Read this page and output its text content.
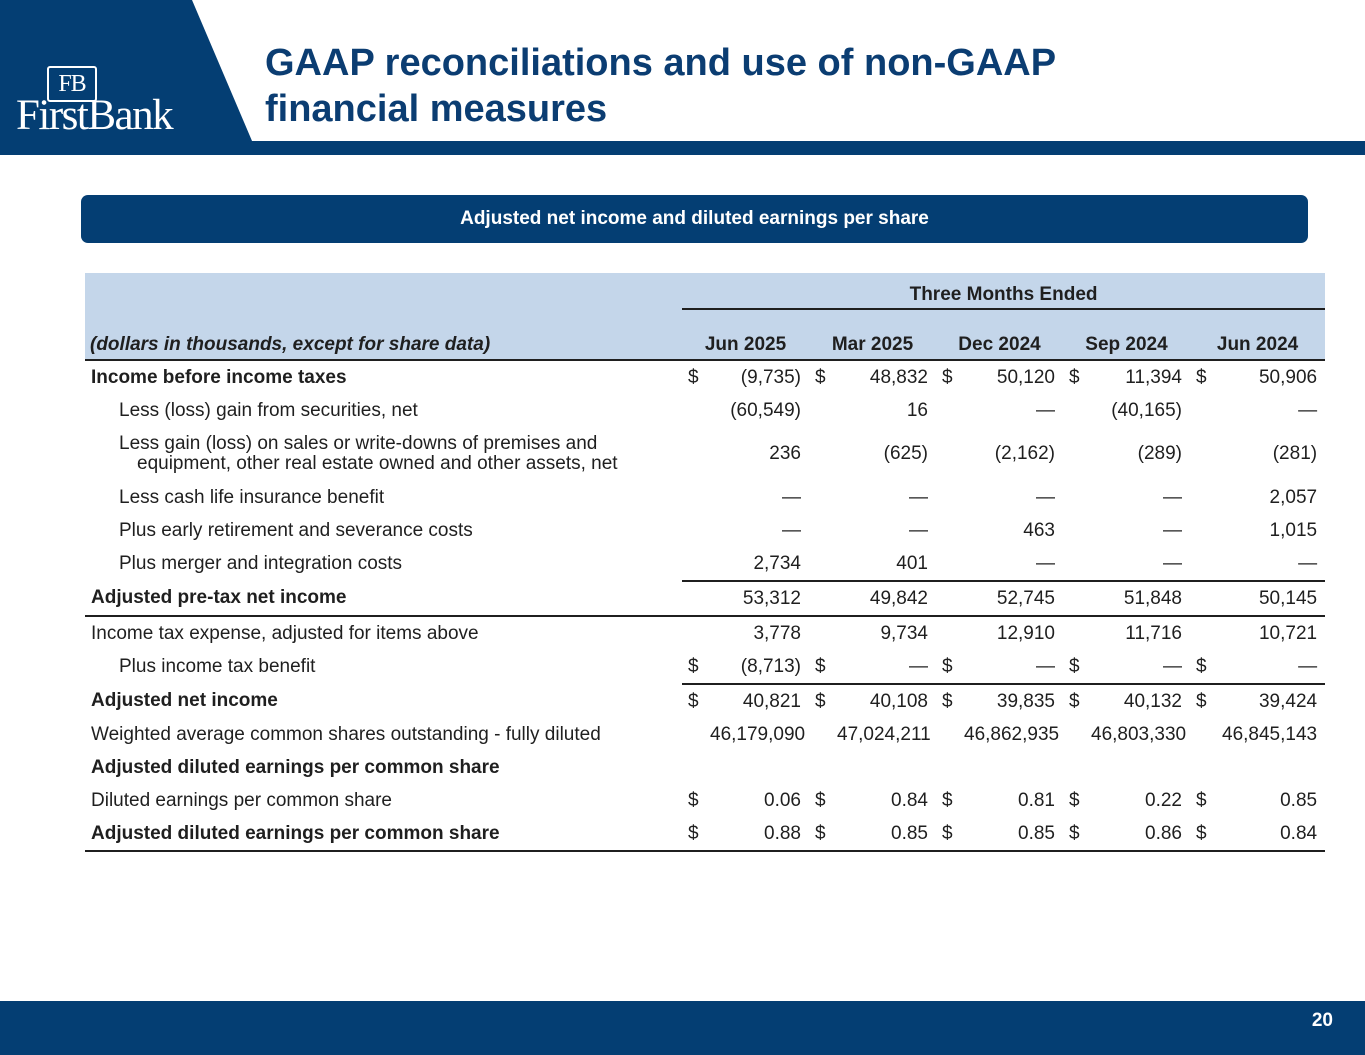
FB
FirstBank
GAAP reconciliations and use of non-GAAP financial measures
Adjusted net income and diluted earnings per share
	Three Months Ended									
(dollars in thousands, except for share data)	Jun 2025		Mar 2025		Dec 2024		Sep 2024		Jun 2024	
Income before income taxes	$	(9,735)	$	48,832	$	50,120	$	11,394	$	50,906
Less (loss) gain from securities, net		(60,549)		16		—		(40,165)		—
Less gain (loss) on sales or write-downs of premises and
equipment, other real estate owned and other assets, net		236		(625)		(2,162)		(289)		(281)
Less cash life insurance benefit		—		—		—		—		2,057
Plus early retirement and severance costs		—		—		463		—		1,015
Plus merger and integration costs		2,734		401		—		—		—
Adjusted pre-tax net income		53,312		49,842		52,745		51,848		50,145
Income tax expense, adjusted for items above		3,778		9,734		12,910		11,716		10,721
Plus income tax benefit	$	(8,713)	$	—	$	—	$	—	$	—
Adjusted net income	$	40,821	$	40,108	$	39,835	$	40,132	$	39,424
Weighted average common shares outstanding - fully diluted		46,179,090		47,024,211		46,862,935		46,803,330		46,845,143
Adjusted diluted earnings per common share										
Diluted earnings per common share	$	0.06	$	0.84	$	0.81	$	0.22	$	0.85
Adjusted diluted earnings per common share	$	0.88	$	0.85	$	0.85	$	0.86	$	0.84
20
